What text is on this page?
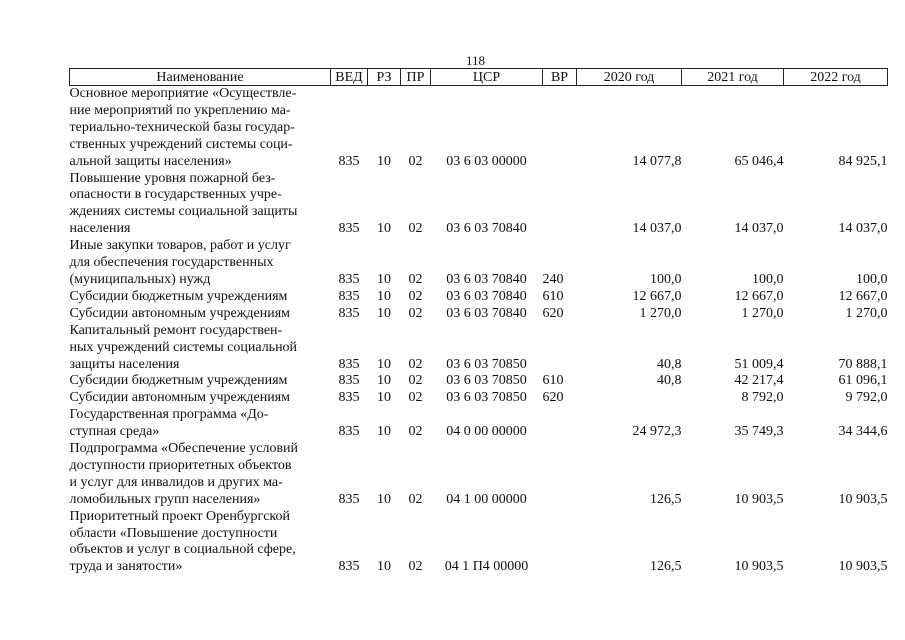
118
Наименование	ВЕД	РЗ	ПР	ЦСР	ВР	2020 год	2021 год	2022 год
Основное мероприятие «Осуществле-
ние мероприятий по укреплению ма-
териально-технической базы государ-
ственных учреждений системы соци-
альной защиты населения»	835	10	02	03 6 03 00000		14 077,8	65 046,4	84 925,1
Повышение уровня пожарной без-
опасности в государственных учре-
ждениях системы социальной защиты
населения	835	10	02	03 6 03 70840		14 037,0	14 037,0	14 037,0
Иные закупки товаров, работ и услуг
для обеспечения государственных
(муниципальных) нужд	835	10	02	03 6 03 70840	240	100,0	100,0	100,0
Субсидии бюджетным учреждениям	835	10	02	03 6 03 70840	610	12 667,0	12 667,0	12 667,0
Субсидии автономным учреждениям	835	10	02	03 6 03 70840	620	1 270,0	1 270,0	1 270,0
Капитальный ремонт государствен-
ных учреждений системы социальной
защиты населения	835	10	02	03 6 03 70850		40,8	51 009,4	70 888,1
Субсидии бюджетным учреждениям	835	10	02	03 6 03 70850	610	40,8	42 217,4	61 096,1
Субсидии автономным учреждениям	835	10	02	03 6 03 70850	620		8 792,0	9 792,0
Государственная программа «До-
ступная среда»	835	10	02	04 0 00 00000		24 972,3	35 749,3	34 344,6
Подпрограмма «Обеспечение условий
доступности приоритетных объектов
и услуг для инвалидов и других ма-
ломобильных групп населения»	835	10	02	04 1 00 00000		126,5	10 903,5	10 903,5
Приоритетный проект Оренбургской
области «Повышение доступности
объектов и услуг в социальной сфере,
труда и занятости»	835	10	02	04 1 П4 00000		126,5	10 903,5	10 903,5
